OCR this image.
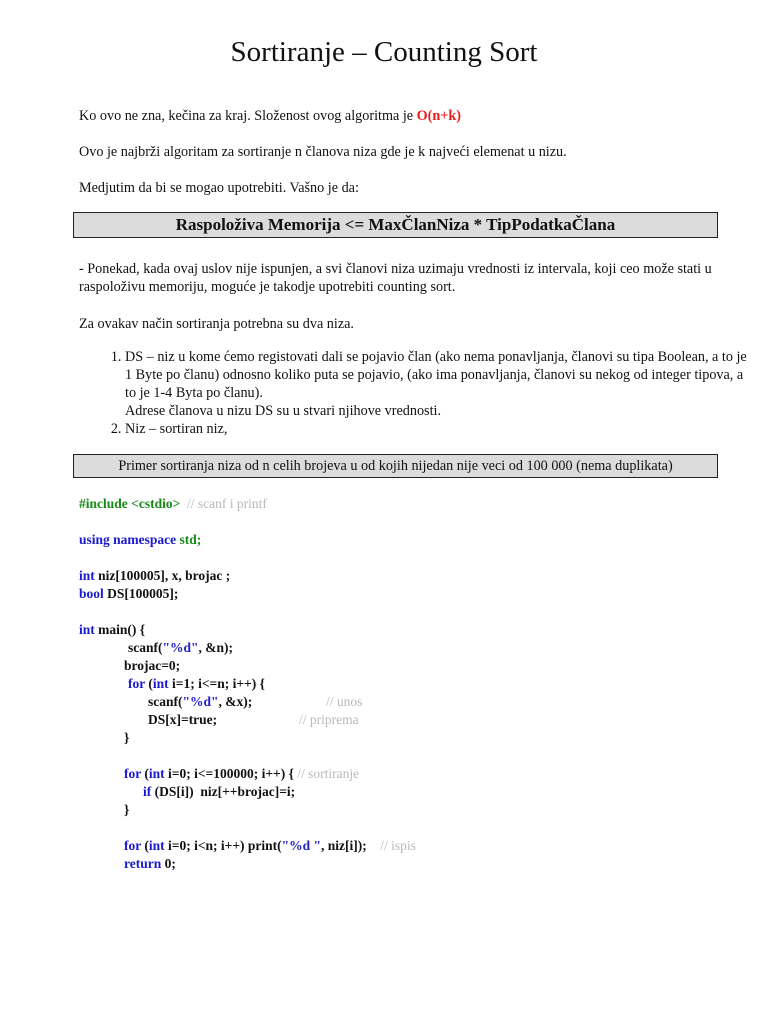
Sortiranje – Counting Sort
Ko ovo ne zna, kečina za kraj. Složenost ovog algoritma je O(n+k)
Ovo je najbrži algoritam za sortiranje n članova niza gde je k najveći elemenat u nizu.
Medjutim da bi se mogao upotrebiti. Vašno je da:
Raspoloživa Memorija <= MaxČlanNiza * TipPodatkaČlana
- Ponekad, kada ovaj uslov nije ispunjen, a svi članovi niza uzimaju vrednosti iz intervala, koji ceo može stati u raspoloživu memoriju, moguće je takodje upotrebiti counting sort.
Za ovakav način sortiranja potrebna su dva niza.
1. DS – niz u kome ćemo registovati dali se pojavio član (ako nema ponavljanja, članovi su tipa Boolean, a to je 1 Byte po članu) odnosno koliko puta se pojavio, (ako ima ponavljanja, članovi su nekog od integer tipova, a to je 1-4 Byta po članu).
Adrese članova u nizu DS su u stvari njihove vrednosti.
2. Niz – sortiran niz,
Primer sortiranja niza od n celih brojeva u od kojih nijedan nije veci od 100 000 (nema duplikata)
#include <cstdio> // scanf i printf
using namespace std;
int niz[100005], x, brojac ;
bool DS[100005];
int main() {
scanf("%d", &n);
brojac=0;
for (int i=1; i<=n; i++) {
scanf("%d", &x);	// unos
DS[x]=true;	// priprema
}
for (int i=0; i<=100000; i++) { // sortiranje
if (DS[i])  niz[++brojac]=i;
}
for (int i=0; i<n; i++) print("%d ", niz[i]); // ispis
return 0;
